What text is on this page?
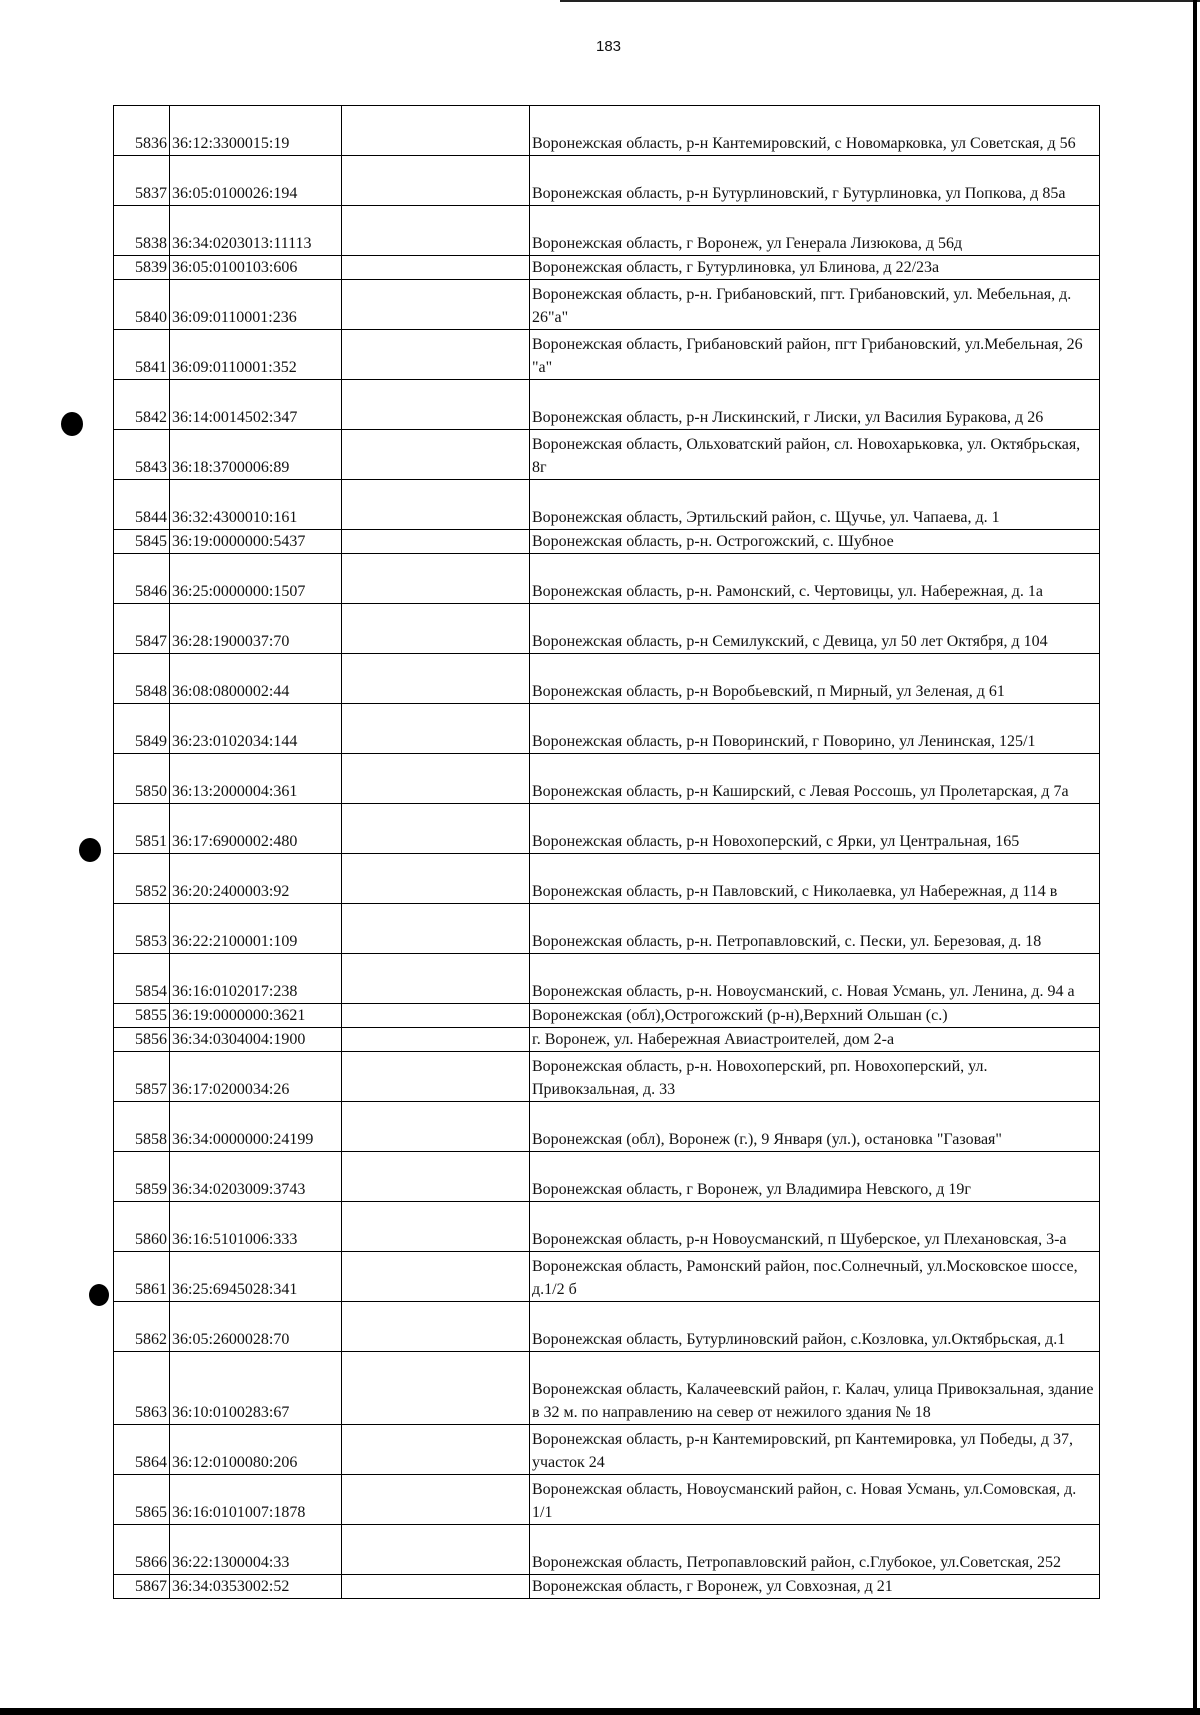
183
5836	36:12:3300015:19		Воронежская область, р-н Кантемировский, с Новомарковка, ул Советская, д 56
5837	36:05:0100026:194		Воронежская область, р-н Бутурлиновский, г Бутурлиновка, ул Попкова, д 85а
5838	36:34:0203013:11113		Воронежская область, г Воронеж, ул Генерала Лизюкова, д 56д
5839	36:05:0100103:606		Воронежская область, г Бутурлиновка, ул Блинова, д 22/23а
5840	36:09:0110001:236		Воронежская область, р-н. Грибановский, пгт. Грибановский, ул. Мебельная, д. 26"а"
5841	36:09:0110001:352		Воронежская область, Грибановский район, пгт Грибановский, ул.Мебельная, 26 "а"
5842	36:14:0014502:347		Воронежская область, р-н Лискинский, г Лиски, ул Василия Буракова, д 26
5843	36:18:3700006:89		Воронежская область, Ольховатский район, сл. Новохарьковка, ул. Октябрьская, 8г
5844	36:32:4300010:161		Воронежская область, Эртильский район, с. Щучье, ул. Чапаева, д. 1
5845	36:19:0000000:5437		Воронежская область, р-н. Острогожский, с. Шубное
5846	36:25:0000000:1507		Воронежская область, р-н. Рамонский, с. Чертовицы, ул. Набережная, д. 1а
5847	36:28:1900037:70		Воронежская область, р-н Семилукский, с Девица, ул 50 лет Октября, д 104
5848	36:08:0800002:44		Воронежская область, р-н Воробьевский, п Мирный, ул Зеленая, д 61
5849	36:23:0102034:144		Воронежская область, р-н Поворинский, г Поворино, ул Ленинская, 125/1
5850	36:13:2000004:361		Воронежская область, р-н Каширский, с Левая Россошь, ул Пролетарская, д 7а
5851	36:17:6900002:480		Воронежская область, р-н Новохоперский, с Ярки, ул Центральная, 165
5852	36:20:2400003:92		Воронежская область, р-н Павловский, с Николаевка, ул Набережная, д 114 в
5853	36:22:2100001:109		Воронежская область, р-н. Петропавловский, с. Пески, ул. Березовая, д. 18
5854	36:16:0102017:238		Воронежская область, р-н. Новоусманский, с. Новая Усмань, ул. Ленина, д. 94 а
5855	36:19:0000000:3621		Воронежская (обл),Острогожский (р-н),Верхний Ольшан (с.)
5856	36:34:0304004:1900		г. Воронеж, ул. Набережная Авиастроителей, дом 2-а
5857	36:17:0200034:26		Воронежская область, р-н. Новохоперский, рп. Новохоперский, ул. Привокзальная, д. 33
5858	36:34:0000000:24199		Воронежская (обл), Воронеж (г.), 9 Января (ул.), остановка "Газовая"
5859	36:34:0203009:3743		Воронежская область, г Воронеж, ул Владимира Невского, д 19г
5860	36:16:5101006:333		Воронежская область, р-н Новоусманский, п Шуберское, ул Плехановская, 3-а
5861	36:25:6945028:341		Воронежская область, Рамонский район, пос.Солнечный, ул.Московское шоссе, д.1/2 б
5862	36:05:2600028:70		Воронежская область, Бутурлиновский район, с.Козловка, ул.Октябрьская, д.1
5863	36:10:0100283:67		Воронежская область, Калачеевский район, г. Калач, улица Привокзальная, здание в 32 м. по направлению на север от нежилого здания № 18
5864	36:12:0100080:206		Воронежская область, р-н Кантемировский, рп Кантемировка, ул Победы, д 37, участок 24
5865	36:16:0101007:1878		Воронежская область, Новоусманский район, с. Новая Усмань, ул.Сомовская, д. 1/1
5866	36:22:1300004:33		Воронежская область, Петропавловский район, с.Глубокое, ул.Советская, 252
5867	36:34:0353002:52		Воронежская область, г Воронеж, ул Совхозная, д 21
